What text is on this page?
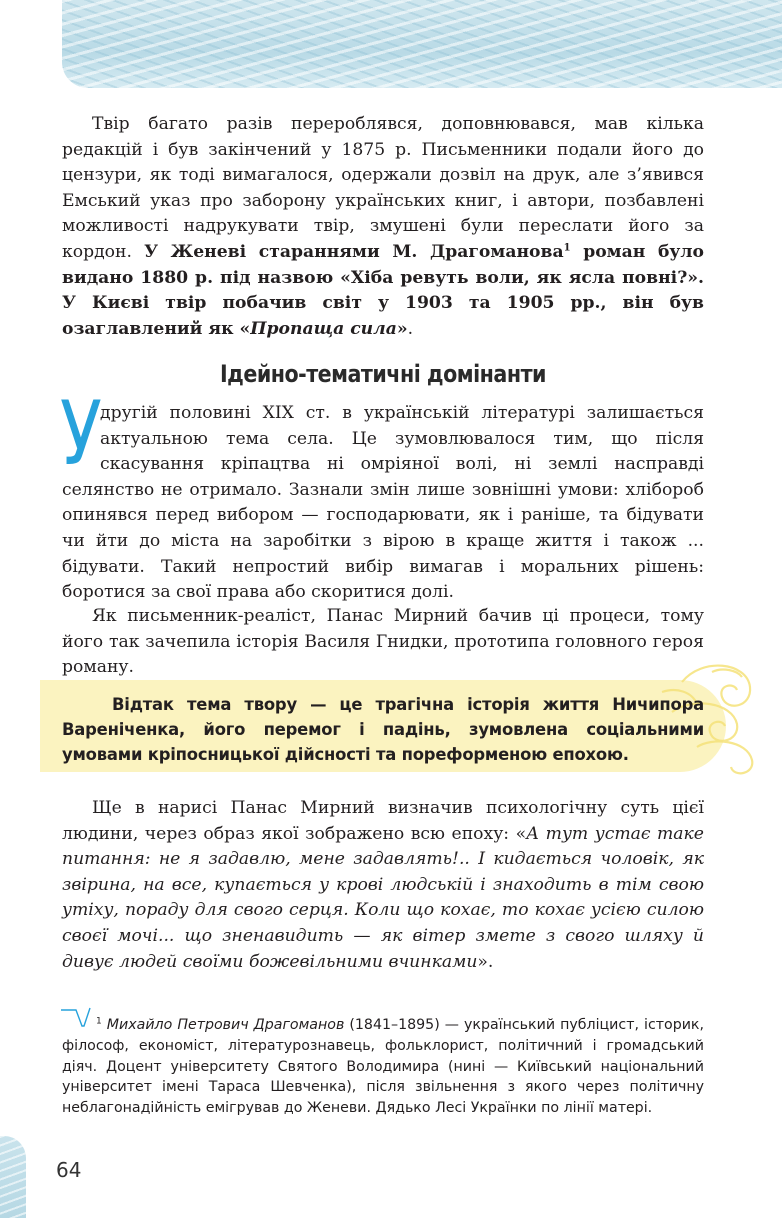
Твір багато разів перероблявся, доповнювався, мав кілька редакцій і був закінчений у 1875 р. Письменники подали його до цензури, як тоді вимагалося, одержали дозвіл на друк, але з’явився Емський указ про заборону українських книг, і автори, позбавлені можливості надрукувати твір, змушені були переслати його за кордон. У Женеві стараннями М. Драгоманова$^1$ роман було видано 1880 р. під назвою «Хіба ревуть воли, як ясла повні?». У Києві твір побачив світ у 1903 та 1905 рр., він був озаглавлений як «Пропаща сила».

Ідейно-тематичні домінанти
У

другій половині XIX ст. в українській літературі залишається актуальною тема села. Це зумовлювалося тим, що після скасування кріпацтва ні омріяної волі, ні землі насправді селянство не отримало. Зазнали змін лише зовнішні умови: хлібороб опинявся перед вибором — господарювати, як і раніше, та бідувати чи йти до міста на заробітки з вірою в краще життя і також ... бідувати. Такий непростий вибір вимагав і моральних рішень: боротися за свої права або скоритися долі.

Як письменник-реаліст, Панас Мирний бачив ці процеси, тому його так зачепила історія Василя Гнидки, прототипа головного героя роману.

Відтак тема твору — це трагічна історія життя Ничипора Вареніченка, його перемог і падінь, зумовлена соціальними умовами кріпосницької дійсності та пореформеною епохою.

Ще в нарисі Панас Мирний визначив психологічну суть цієї людини, через образ якої зображено всю епоху: «А тут устає таке питання: не я задавлю, мене задавлять!.. І кидається чоловік, як звірина, на все, купається у крові людській і знаходить в тім свою утіху, пораду для свого серця. Коли що кохає, то кохає усією силою своєї мочі... що зненавидить — як вітер змете з свого шляху й дивує людей своїми божевільними вчинками».

$^1$ Михайло Петрович Драгоманов (1841–1895) — український публіцист, історик, філософ, економіст, літературознавець, фольклорист, політичний і громадський діяч. Доцент університету Святого Володимира (нині — Київський національний університет імені Тараса Шевченка), після звільнення з якого через політичну неблагонадійність емігрував до Женеви. Дядько Лесі Українки по лінії матері.

64
